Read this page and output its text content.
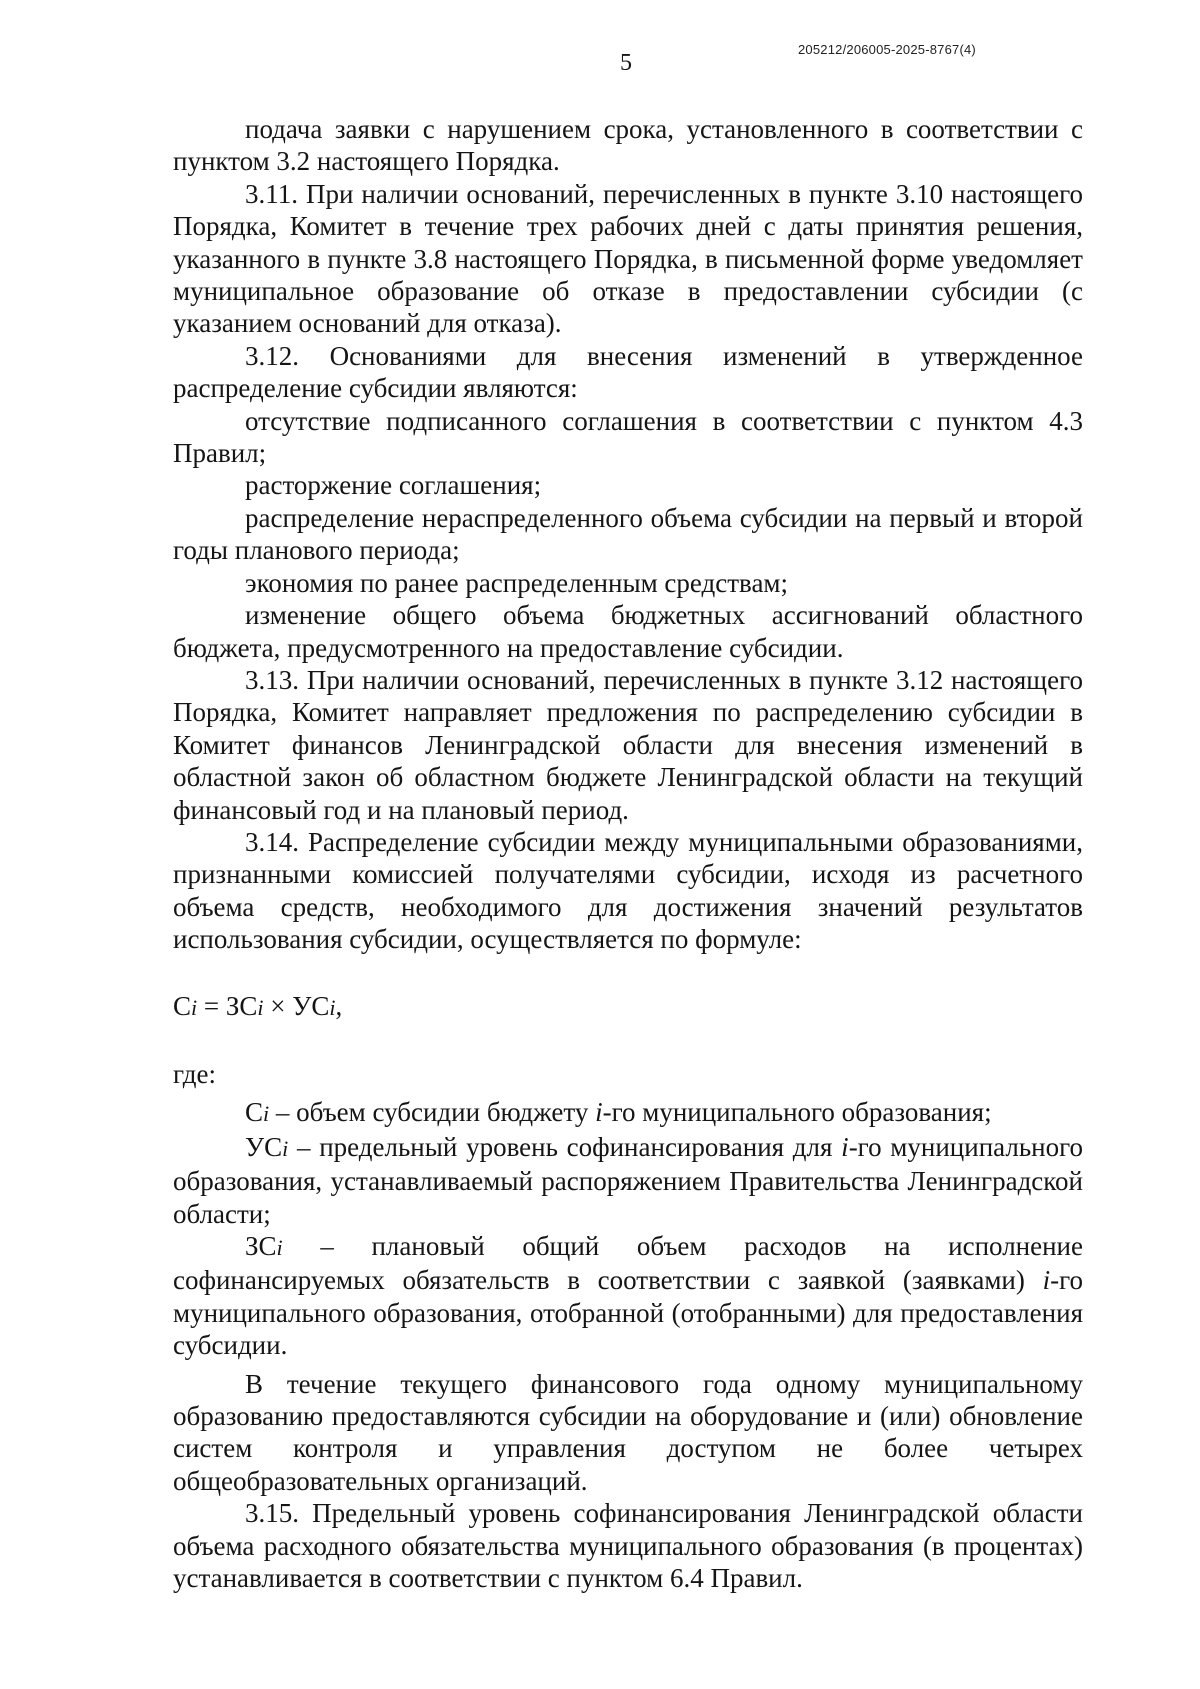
5
205212/206005-2025-8767(4)

подача заявки с нарушением срока, установленного в соответствии с пунктом 3.2 настоящего Порядка.

3.11. При наличии оснований, перечисленных в пункте 3.10 настоящего Порядка, Комитет в течение трех рабочих дней с даты принятия решения, указанного в пункте 3.8 настоящего Порядка, в письменной форме уведомляет муниципальное образование об отказе в предоставлении субсидии (с указанием оснований для отказа).

3.12. Основаниями для внесения изменений в утвержденное распределение субсидии являются:

отсутствие подписанного соглашения в соответствии с пунктом 4.3 Правил;

расторжение соглашения;

распределение нераспределенного объема субсидии на первый и второй годы планового периода;

экономия по ранее распределенным средствам;

изменение общего объема бюджетных ассигнований областного бюджета, предусмотренного на предоставление субсидии.

3.13. При наличии оснований, перечисленных в пункте 3.12 настоящего Порядка, Комитет направляет предложения по распределению субсидии в Комитет финансов Ленинградской области для внесения изменений в областной закон об областном бюджете Ленинградской области на текущий финансовый год и на плановый период.

3.14. Распределение субсидии между муниципальными образованиями, признанными комиссией получателями субсидии, исходя из расчетного объема средств, необходимого для достижения значений результатов использования субсидии, осуществляется по формуле:

Сi = ЗСi × УСi,

где:

Сi – объем субсидии бюджету i-го муниципального образования;

УСi – предельный уровень софинансирования для i-го муниципального образования, устанавливаемый распоряжением Правительства Ленинградской области;

ЗСi – плановый общий объем расходов на исполнение софинансируемых обязательств в соответствии с заявкой (заявками) i-го муниципального образования, отобранной (отобранными) для предоставления субсидии.

В течение текущего финансового года одному муниципальному образованию предоставляются субсидии на оборудование и (или) обновление систем контроля и управления доступом не более четырех общеобразовательных организаций.

3.15. Предельный уровень софинансирования Ленинградской области объема расходного обязательства муниципального образования (в процентах) устанавливается в соответствии с пунктом 6.4 Правил.
